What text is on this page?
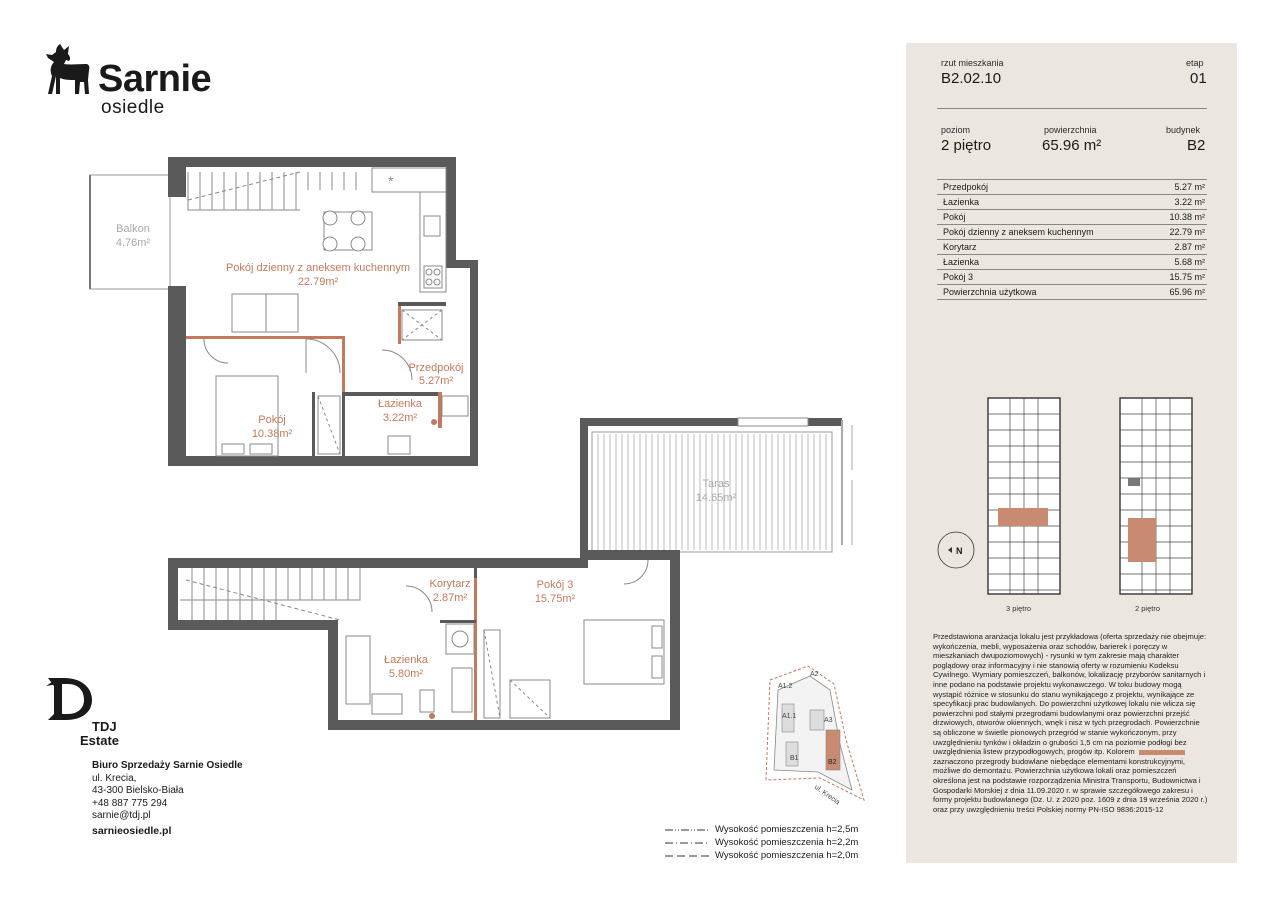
Sarnie
osiedle
*
Balkon
4.76m²
Pokój dzienny z aneksem kuchennym
22.79m²
Przedpokój
5.27m²
Łazienka
3.22m²
Pokój
10.38m²
Taras
14.65m²
Korytarz
2.87m²
Pokój 3
15.75m²
Łazienka
5.80m²
TDJ
Estate
Biuro Sprzedaży Sarnie Osiedle
ul. Krecia,
43-300 Bielsko-Biała
+48 887 775 294
sarnie@tdj.pl
sarnieosiedle.pl	Wysokość pomieszczenia h=2,5m
Wysokość pomieszczenia h=2,2m
Wysokość pomieszczenia h=2,0m
A1.2
A2
A1.1
A3
B1
B2
ul. Krecia
rzut mieszkania
B2.02.10
etap
01
poziom
2 piętro
powierzchnia
65.96 m²
budynek
B2
Przedpokój	5.27 m²
Łazienka	3.22 m²
Pokój	10.38 m²
Pokój dzienny z aneksem kuchennym	22.79 m²
Korytarz	2.87 m²
Łazienka	5.68 m²
Pokój 3	15.75 m²
Powierzchnia użytkowa	65.96 m²
3 piętro	2 piętro
N
Przedstawiona aranżacja lokalu jest przykładowa (oferta sprzedaży nie obejmuje: wykończenia, mebli, wyposażenia oraz schodów, barierek i poręczy w mieszkaniach dwupoziomowych) - rysunki w tym zakresie mają charakter poglądowy oraz informacyjny i nie stanowią oferty w rozumieniu Kodeksu Cywilnego. Wymiary pomieszczeń, balkonów, lokalizację przyborów sanitarnych i inne podano na podstawie projektu wykonawczego. W toku budowy mogą wystąpić różnice w stosunku do stanu wynikającego z projektu, wynikające ze specyfikacji prac budowlanych. Do powierzchni użytkowej lokalu nie wlicza się powierzchni pod stałymi przegrodami budowlanymi oraz powierzchni przejść drzwiowych, otworów okiennych, wnęk i nisz w tych przegrodach. Powierzchnie są obliczone w świetle pionowych przegród w stanie wykończonym, przy uwzględnieniu tynków i okładzin o grubości 1,5 cm na poziomie podłogi bez uwzględnienia listew przypodłogowych, progów itp. Koloremzaznaczono przegrody budowlane niebędące elementami konstrukcyjnymi, możliwe do demontażu. Powierzchnia użytkowa lokali oraz pomieszczeń określona jest na podstawie rozporządzenia Ministra Transportu, Budownictwa i Gospodarki Morskiej z dnia 11.09.2020 r. w sprawie szczegółowego zakresu i formy projektu budowlanego (Dz. U. z 2020 poz. 1609 z dnia 19 września 2020 r.) oraz przy uwzględnieniu treści Polskiej normy PN-ISO 9836:2015-12
